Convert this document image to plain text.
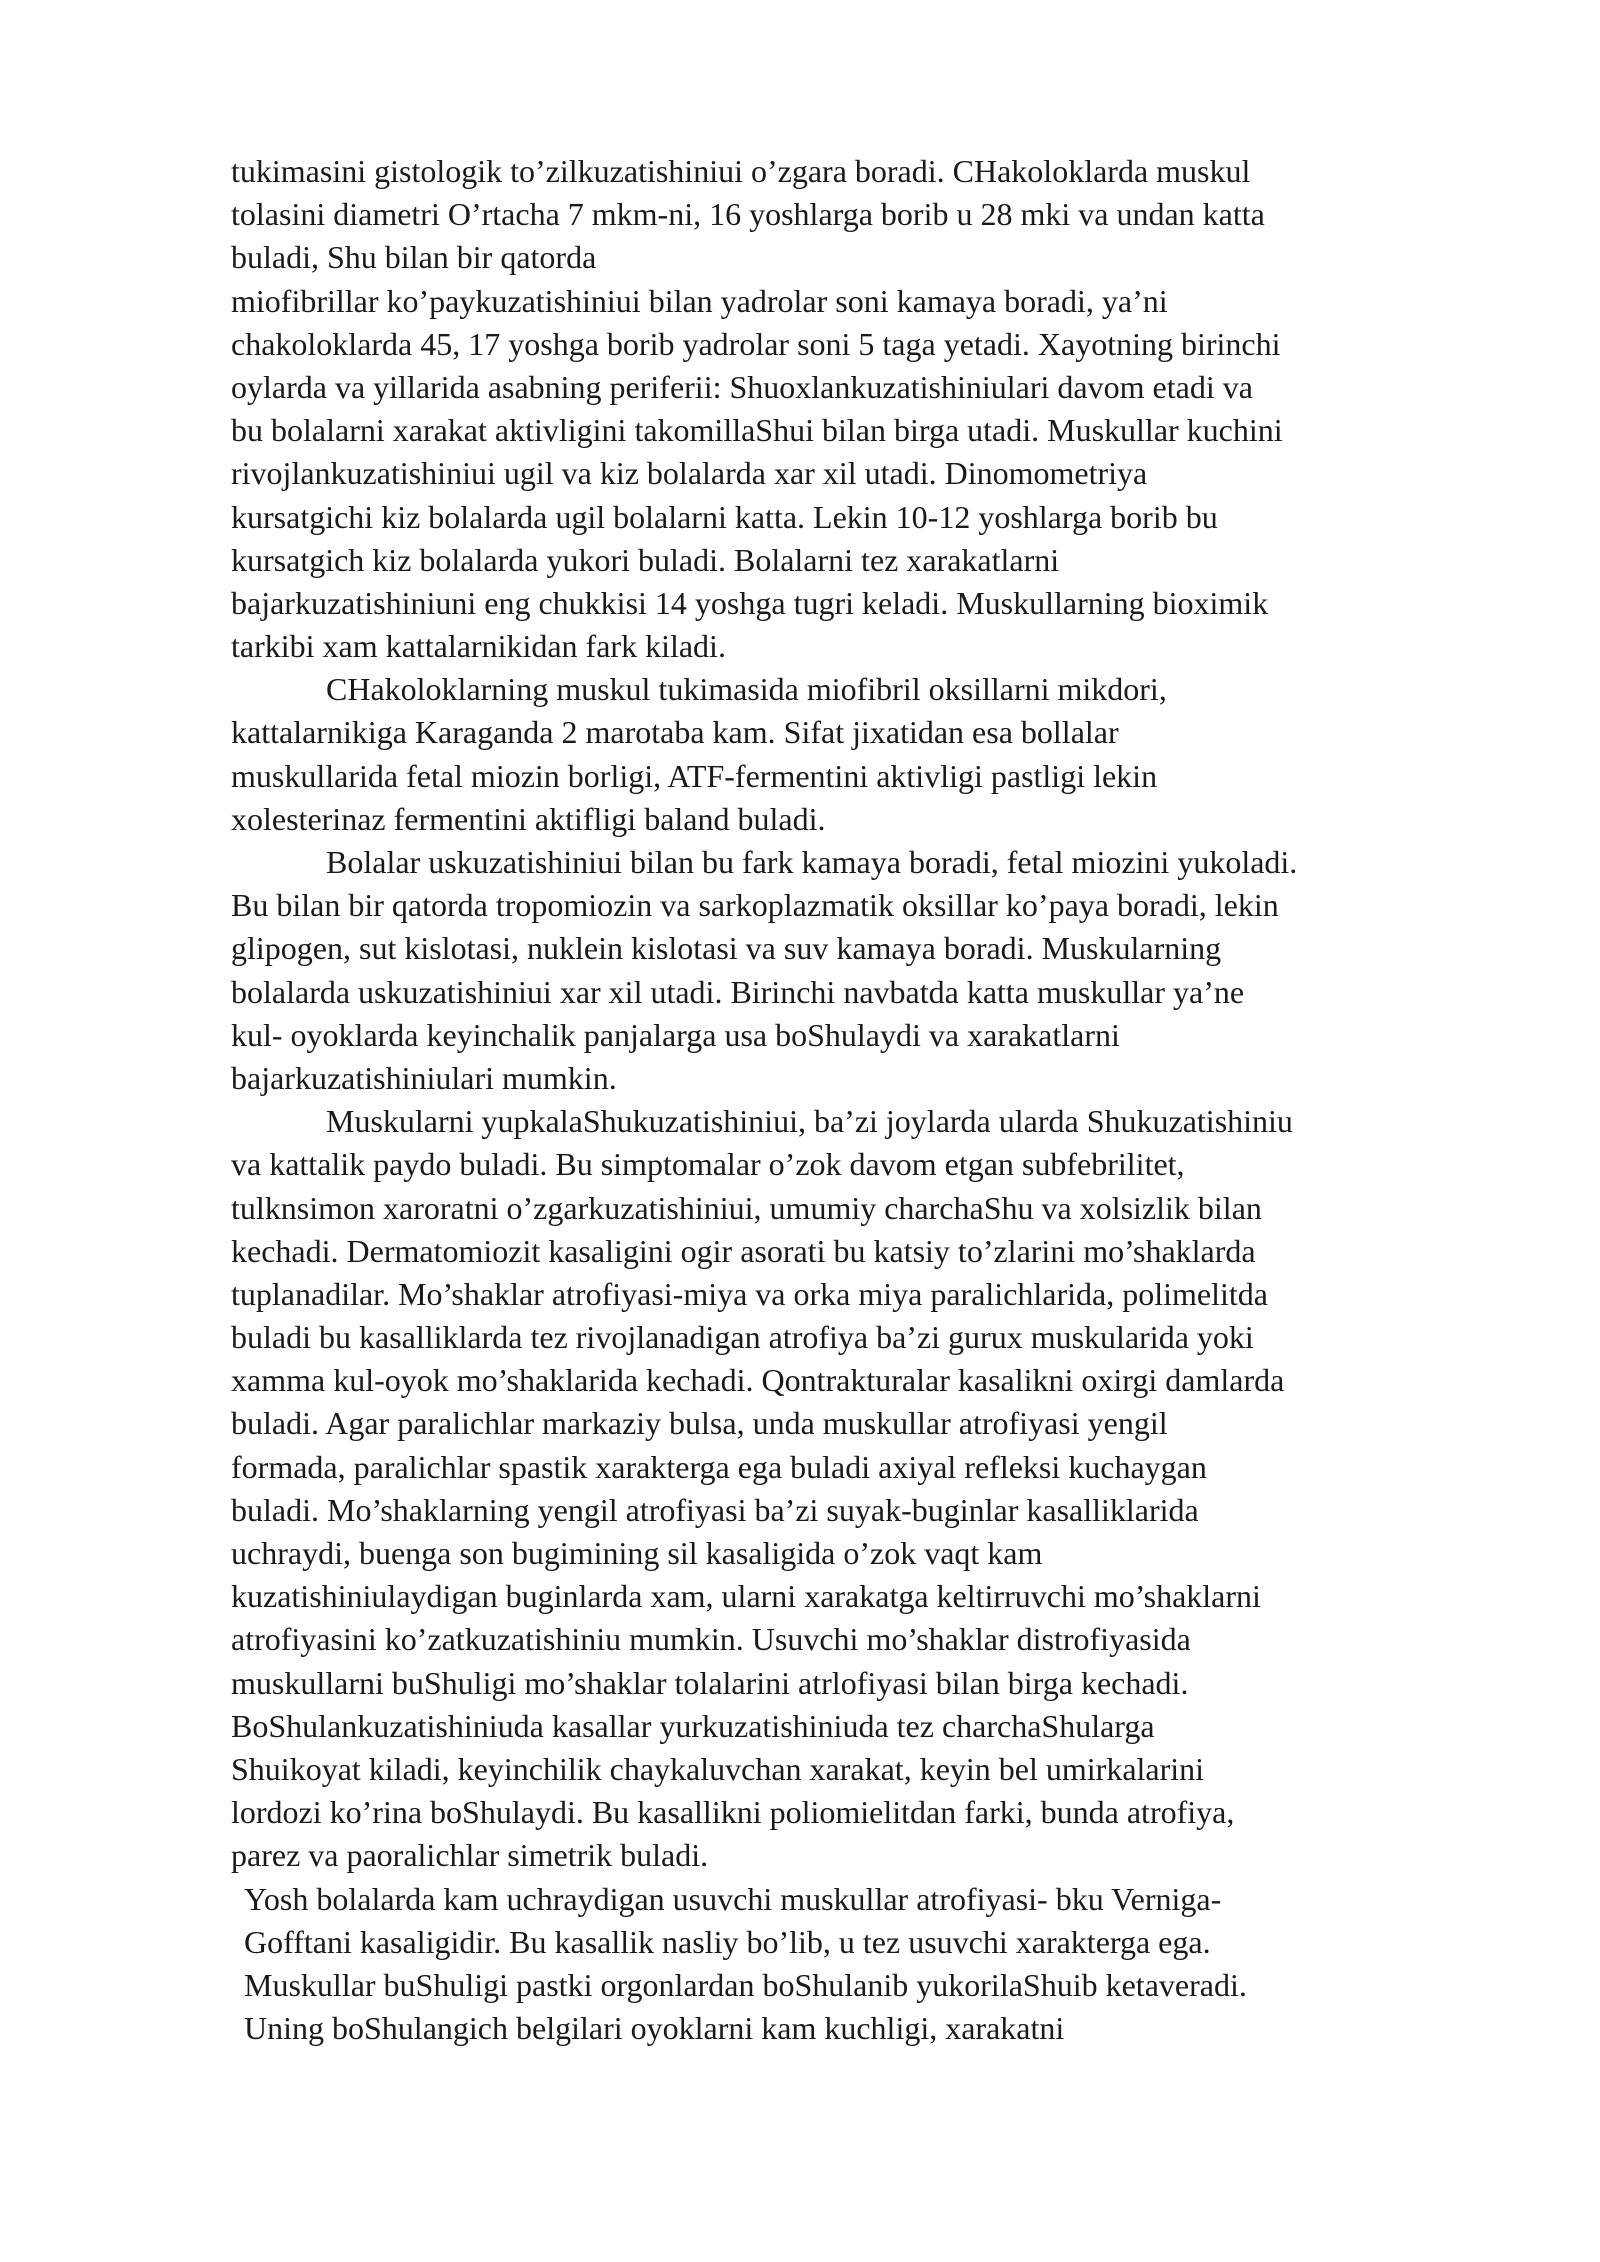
tukimasini gistologik to’zilkuzatishiniui o’zgara boradi. CHakoloklarda muskul
tolasini diametri O’rtacha 7 mkm-ni, 16 yoshlarga borib u 28 mki va undan katta
buladi, Shu bilan bir qatorda
miofibrillar ko’paykuzatishiniui bilan yadrolar soni kamaya boradi, ya’ni
chakoloklarda 45, 17 yoshga borib yadrolar soni 5 taga yetadi. Xayotning birinchi
oylarda va yillarida asabning periferii: Shuoxlankuzatishiniulari davom etadi va
bu bolalarni xarakat aktivligini takomillaShui bilan birga utadi. Muskullar kuchini
rivojlankuzatishiniui ugil va kiz bolalarda xar xil utadi. Dinomometriya
kursatgichi kiz bolalarda ugil bolalarni katta. Lekin 10-12 yoshlarga borib bu
kursatgich kiz bolalarda yukori buladi. Bolalarni tez xarakatlarni
bajarkuzatishiniuni eng chukkisi 14 yoshga tugri keladi. Muskullarning bioximik
tarkibi xam kattalarnikidan fark kiladi.
CHakoloklarning muskul tukimasida miofibril oksillarni mikdori,
kattalarnikiga Karaganda 2 marotaba kam. Sifat jixatidan esa bollalar
muskullarida fetal miozin borligi, ATF-fermentini aktivligi pastligi lekin
xolesterinaz fermentini aktifligi baland buladi.
Bolalar uskuzatishiniui bilan bu fark kamaya boradi, fetal miozini yukoladi.
Bu bilan bir qatorda tropomiozin va sarkoplazmatik oksillar ko’paya boradi, lekin
glipogen, sut kislotasi, nuklein kislotasi va suv kamaya boradi. Muskularning
bolalarda uskuzatishiniui xar xil utadi. Birinchi navbatda katta muskullar ya’ne
kul- oyoklarda keyinchalik panjalarga usa boShulaydi va xarakatlarni
bajarkuzatishiniulari mumkin.
Muskularni yupkalaShukuzatishiniui, ba’zi joylarda ularda Shukuzatishiniu
va kattalik paydo buladi. Bu simptomalar o’zok davom etgan subfebrilitet,
tulknsimon xaroratni o’zgarkuzatishiniui, umumiy charchaShu va xolsizlik bilan
kechadi. Dermatomiozit kasaligini ogir asorati bu katsiy to’zlarini mo’shaklarda
tuplanadilar. Mo’shaklar atrofiyasi-miya va orka miya paralichlarida, polimelitda
buladi bu kasalliklarda tez rivojlanadigan atrofiya ba’zi gurux muskularida yoki
xamma kul-oyok mo’shaklarida kechadi. Qontrakturalar kasalikni oxirgi damlarda
buladi. Agar paralichlar markaziy bulsa, unda muskullar atrofiyasi yengil
formada, paralichlar spastik xarakterga ega buladi axiyal refleksi kuchaygan
buladi. Mo’shaklarning yengil atrofiyasi ba’zi suyak-buginlar kasalliklarida
uchraydi, buenga son bugimining sil kasaligida o’zok vaqt kam
kuzatishiniulaydigan buginlarda xam, ularni xarakatga keltirruvchi mo’shaklarni
atrofiyasini ko’zatkuzatishiniu mumkin. Usuvchi mo’shaklar distrofiyasida
muskullarni buShuligi mo’shaklar tolalarini atrlofiyasi bilan birga kechadi.
BoShulankuzatishiniuda kasallar yurkuzatishiniuda tez charchaShularga
Shuikoyat kiladi, keyinchilik chaykaluvchan xarakat, keyin bel umirkalarini
lordozi ko’rina boShulaydi. Bu kasallikni poliomielitdan farki, bunda atrofiya,
parez va paoralichlar simetrik buladi.
Yosh bolalarda kam uchraydigan usuvchi muskullar atrofiyasi- bku Verniga-
Gofftani kasaligidir. Bu kasallik nasliy bo’lib, u tez usuvchi xarakterga ega.
Muskullar buShuligi pastki orgonlardan boShulanib yukorilaShuib ketaveradi.
Uning boShulangich belgilari oyoklarni kam kuchligi, xarakatni
